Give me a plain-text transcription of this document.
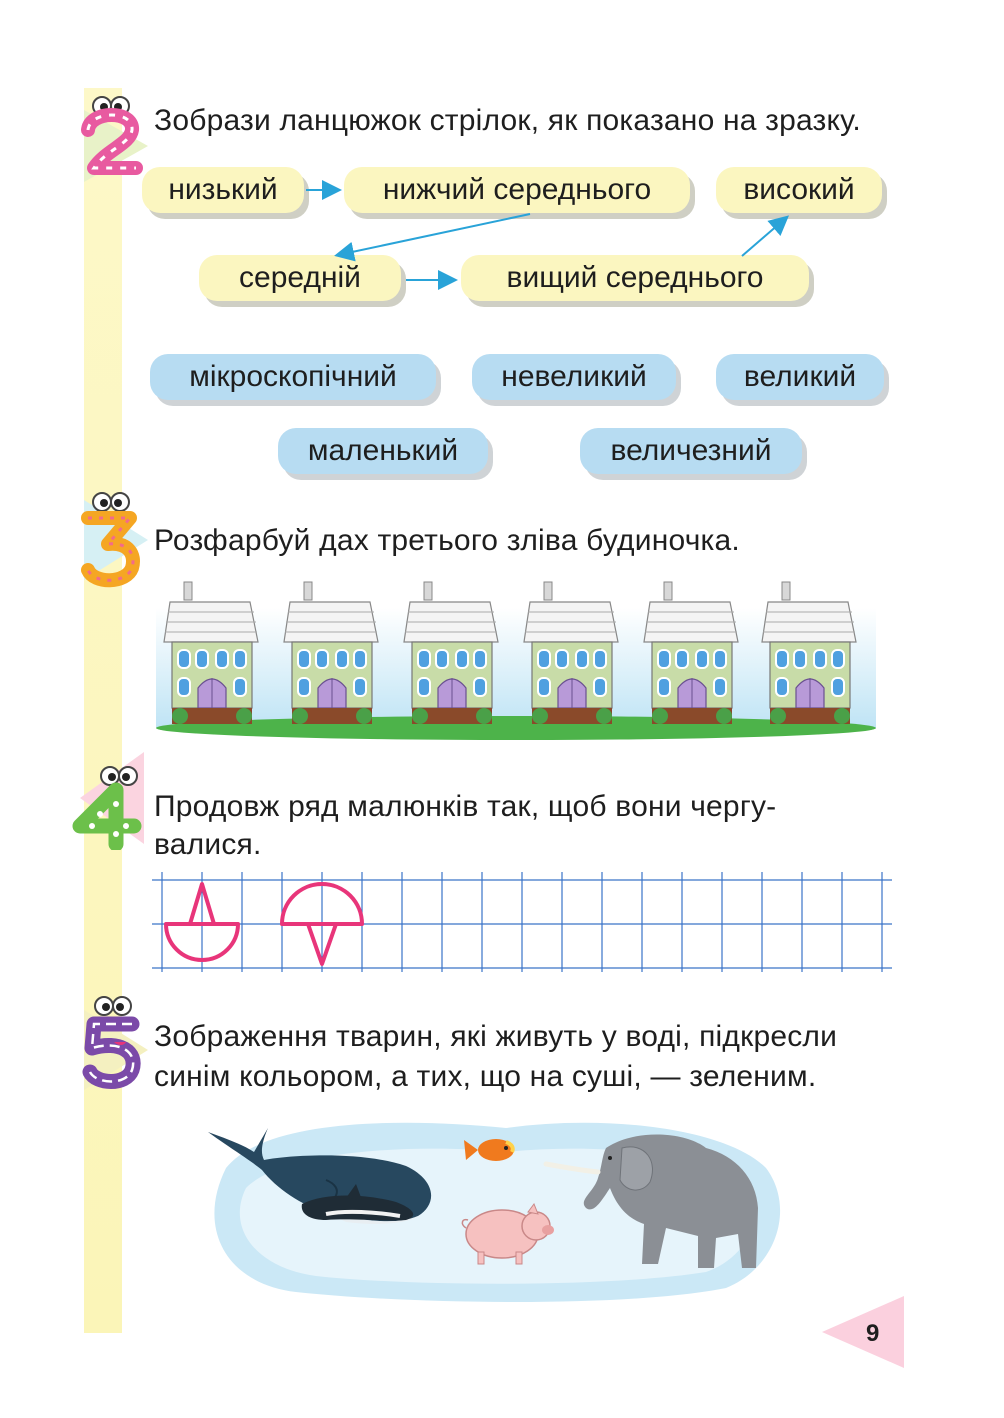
Зобрази ланцюжок стрілок, як показано на зразку.
низький	нижчий середнього	високий
середній	вищий середнього
мікроскопічний	невеликий	великий
маленький	величезний
Розфарбуй дах третього зліва будиночка.
Продовж ряд малюнків так, щоб вони чергу-
валися.
Зображення тварин, які живуть у воді, підкресли
синім кольором, а тих, що на суші, — зеленим.
9
